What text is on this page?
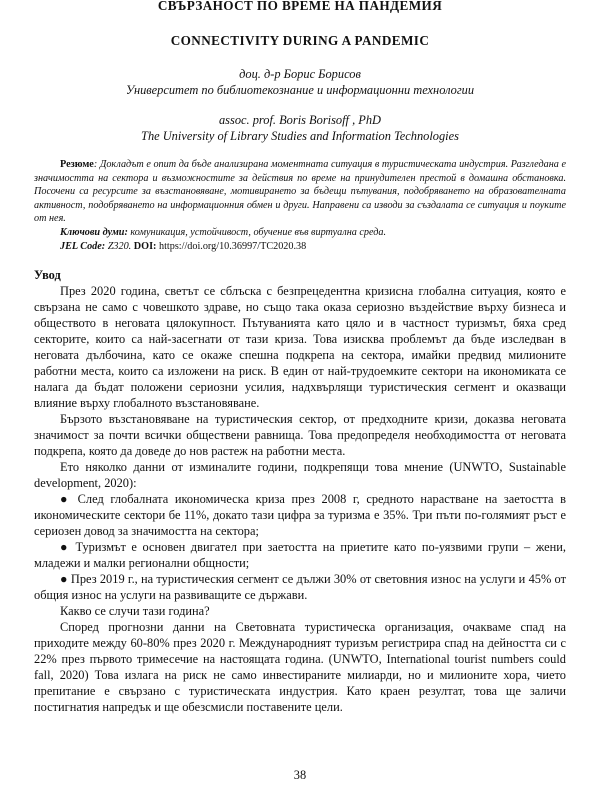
СВЪРЗАНОСТ ПО ВРЕМЕ НА ПАНДЕМИЯ
CONNECTIVITY DURING A PANDEMIC
доц. д-р Борис Борисов
Университет по библиотекознание и информационни технологии
assoc. prof. Boris Borisoff , PhD
The University of Library Studies and Information Technologies
Резюме: Докладът е опит да бъде анализирана моментната ситуация в туристическата индустрия. Разгледана е значимостта на сектора и възможностите за действия по време на принудителен престой в домашна обстановка. Посочени са ресурсите за възстановяване, мотивирането за бъдещи пътувания, подобряването на образователната активност, подобряването на информационния обмен и други. Направени са изводи за създалата се ситуация и поуките от нея.
Ключови думи: комуникация, устойчивост, обучение във виртуална среда.
JEL Code: Z320. DOI: https://doi.org/10.36997/TC2020.38
Увод

През 2020 година, светът се сблъска с безпрецедентна кризисна глобална ситуация, която е свързана не само с човешкото здраве, но също така оказа сериозно въздействие върху бизнеса и обществото в неговата цялокупност. Пътуванията като цяло и в частност туризмът, бяха сред секторите, които са най-засегнати от тази криза. Това изисква проблемът да бъде изследван в неговата дълбочина, като се окаже спешна подкрепа на сектора, имайки предвид милионите работни места, които са изложени на риск. В един от най-трудоемките сектори на икономиката се налага да бъдат положени сериозни усилия, надхвърлящи туристическия сегмент и оказващи влияние върху глобалното възстановяване.

Бързото възстановяване на туристическия сектор, от предходните кризи, доказва неговата значимост за почти всички обществени равнища. Това предопределя необходимостта от неговата подкрепа, която да доведе до нов растеж на работни места.

Ето няколко данни от изминалите години, подкрепящи това мнение (UNWTO, Sustainable development, 2020):

● След глобалната икономическа криза през 2008 г, средното нарастване на заетостта в икономическите сектори бе 11%, докато тази цифра за туризма е 35%. Три пъти по-голямият ръст е сериозен довод за значимостта на сектора;

● Туризмът е основен двигател при заетостта на приетите като по-уязвими групи – жени, младежи и малки регионални общности;

● През 2019 г., на туристическия сегмент се дължи 30% от световния износ на услуги и 45% от общия износ на услуги на развиващите се държави.

Какво се случи тази година?

Според прогнозни данни на Световната туристическа организация, очакваме спад на приходите между 60-80% през 2020 г. Международният туризъм регистрира спад на дейността си с 22% през първото тримесечие на настоящата година. (UNWTO, International tourist numbers could fall, 2020) Това излага на риск не само инвестираните милиарди, но и милионите хора, чието препитание е свързано с туристическата индустрия. Като краен резултат, това ще заличи постигнатия напредък и ще обезсмисли поставените цели.

38
